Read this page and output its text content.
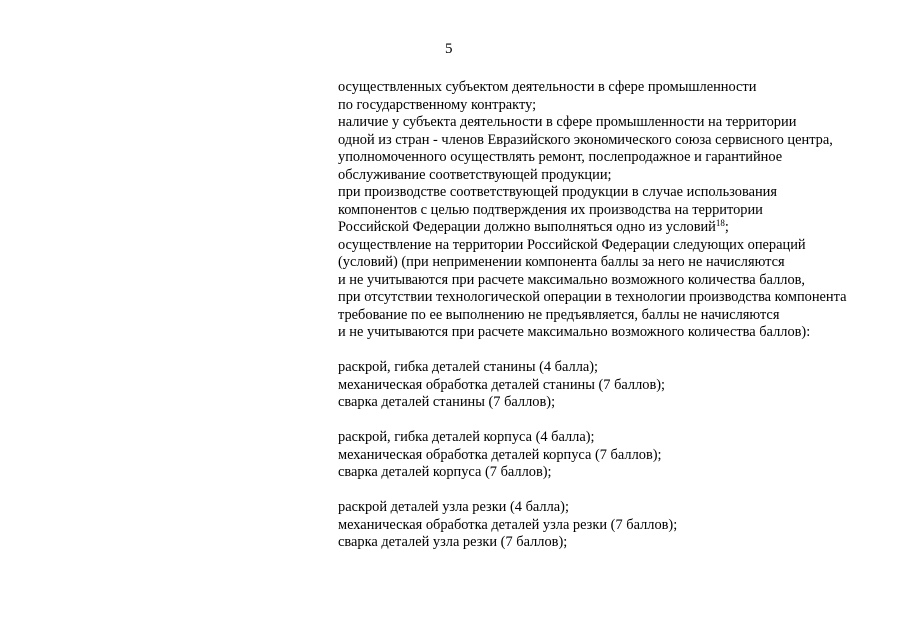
5
осуществленных субъектом деятельности в сфере промышленности
по государственному контракту;
наличие у субъекта деятельности в сфере промышленности на территории
одной из стран - членов Евразийского экономического союза сервисного центра,
уполномоченного осуществлять ремонт, послепродажное и гарантийное
обслуживание соответствующей продукции;
при производстве соответствующей продукции в случае использования
компонентов с целью подтверждения их производства на территории
Российской Федерации должно выполняться одно из условий$^{18}$;
осуществление на территории Российской Федерации следующих операций
(условий) (при неприменении компонента баллы за него не начисляются
и не учитываются при расчете максимально возможного количества баллов,
при отсутствии технологической операции в технологии производства компонента
требование по ее выполнению не предъявляется, баллы не начисляются
и не учитываются при расчете максимально возможного количества баллов):
раскрой, гибка деталей станины (4 балла);
механическая обработка деталей станины (7 баллов);
сварка деталей станины (7 баллов);
раскрой, гибка деталей корпуса (4 балла);
механическая обработка деталей корпуса (7 баллов);
сварка деталей корпуса (7 баллов);
раскрой деталей узла резки (4 балла);
механическая обработка деталей узла резки (7 баллов);
сварка деталей узла резки (7 баллов);
